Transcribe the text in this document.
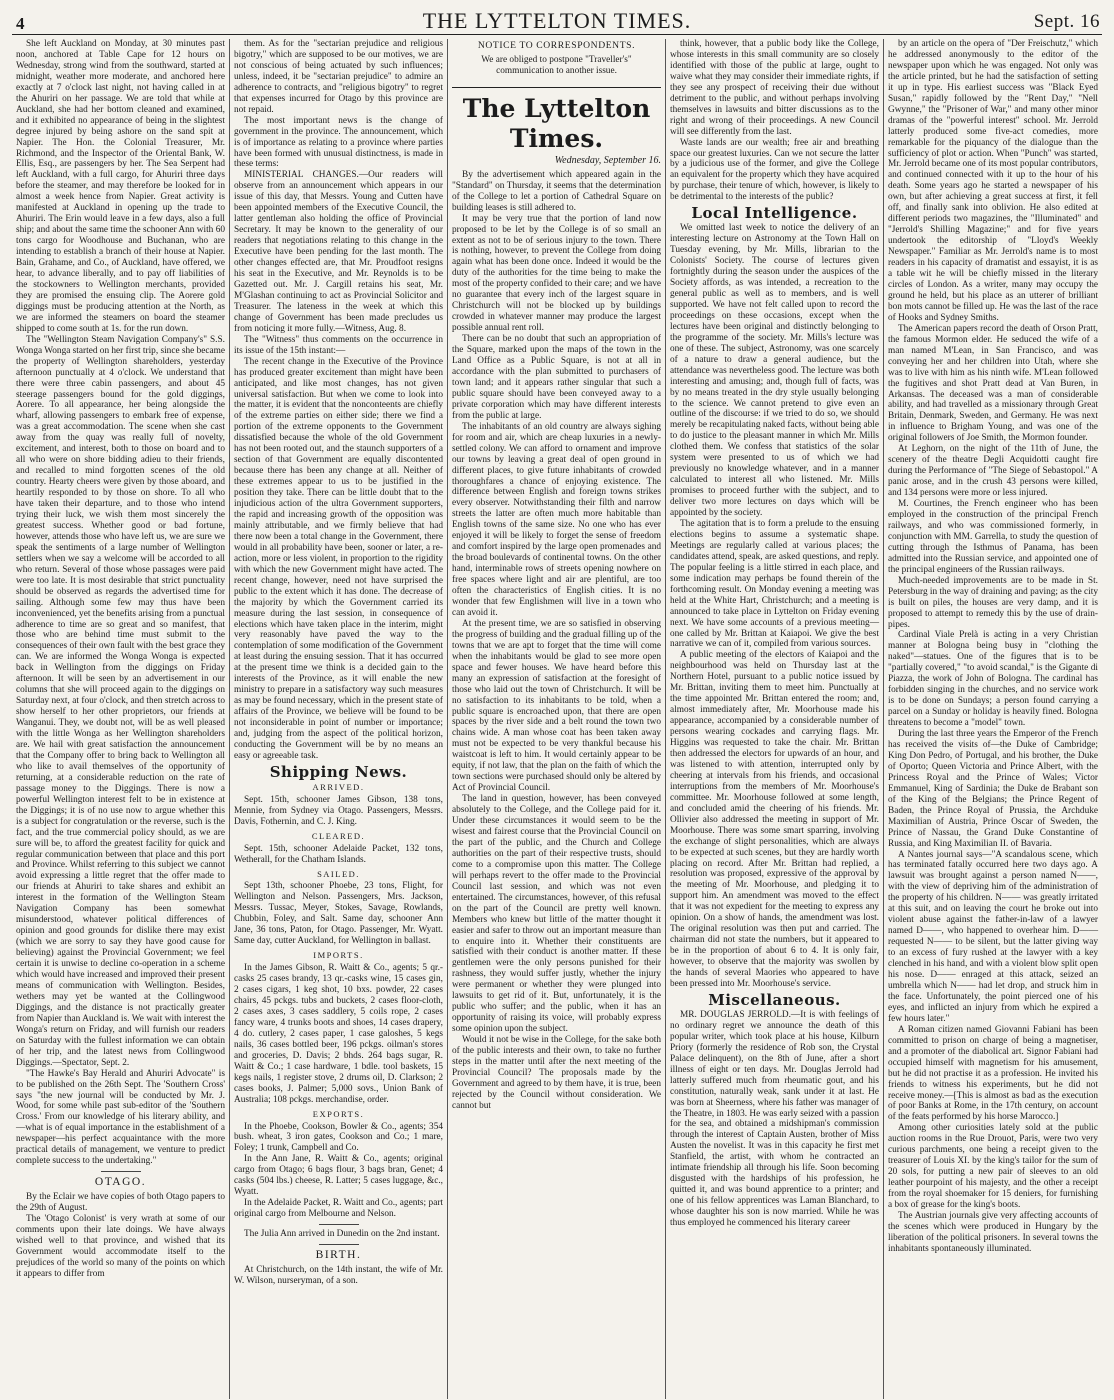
4	THE LYTTELTON TIMES.	Sept. 16

She left Auckland on Monday, at 30 minutes past noon, anchored at Table Cape for 12 hours on Wednesday, strong wind from the southward, started at midnight, weather more moderate, and anchored here exactly at 7 o'clock last night, not having called in at the Ahuriri on her passage. We are told that while at Auckland, she had her bottom cleaned and examined, and it exhibited no appearance of being in the slightest degree injured by being ashore on the sand spit at Napier. The Hon. the Colonial Treasurer, Mr. Richmond, and the Inspector of the Oriental Bank, W. Ellis, Esq., are passengers by her. The Sea Serpent had left Auckland, with a full cargo, for Ahuriri three days before the steamer, and may therefore be looked for in almost a week hence from Napier. Great activity is manifested at Auckland in opening up the trade to Ahuriri. The Erin would leave in a few days, also a full ship; and about the same time the schooner Ann with 60 tons cargo for Woodhouse and Buchanan, who are intending to establish a branch of their house at Napier. Bain, Grahame, and Co., of Auckland, have offered, we hear, to advance liberally, and to pay off liabilities of the stockowners to Wellington merchants, provided they are promised the ensuing clip. The Aorere gold diggings must be producing attention at the North, as we are informed the steamers on board the steamer shipped to come south at 1s. for the run down.

The "Wellington Steam Navigation Company's" S.S. Wonga Wonga started on her first trip, since she became the property of Wellington shareholders, yesterday afternoon punctually at 4 o'clock. We understand that there were three cabin passengers, and about 45 steerage passengers bound for the gold diggings, Aorere. To all appearance, her being alongside the wharf, allowing passengers to embark free of expense, was a great accommodation. The scene when she cast away from the quay was really full of novelty, excitement, and interest, both to those on board and to all who were on shore bidding adieu to their friends, and recalled to mind forgotten scenes of the old country. Hearty cheers were given by those aboard, and heartily responded to by those on shore. To all who have taken their departure, and to those who intend trying their luck, we wish them most sincerely the greatest success. Whether good or bad fortune, however, attends those who have left us, we are sure we speak the sentiments of a large number of Wellington settlers when we say a welcome will be accorded to all who return. Several of those whose passages were paid were too late. It is most desirable that strict punctuality should be observed as regards the advertised time for sailing. Although some few may thus have been inconvenienced, yet the benefits arising from a punctual adherence to time are so great and so manifest, that those who are behind time must submit to the consequences of their own fault with the best grace they can. We are informed the Wonga Wonga is expected back in Wellington from the diggings on Friday afternoon. It will be seen by an advertisement in our columns that she will proceed again to the diggings on Saturday next, at four o'clock, and then stretch across to show herself to her other proprietors, our friends at Wanganui. They, we doubt not, will be as well pleased with the little Wonga as her Wellington shareholders are. We hail with great satisfaction the announcement that the Company offer to bring back to Wellington all who like to avail themselves of the opportunity of returning, at a considerable reduction on the rate of passage money to the Diggings. There is now a powerful Wellington interest felt to be in existence at the Diggings; it is of no use now to argue whether this is a subject for congratulation or the reverse, such is the fact, and the true commercial policy should, as we are sure will be, to afford the greatest facility for quick and regular communication between that place and this port and Province. Whilst referring to this subject we cannot avoid expressing a little regret that the offer made to our friends at Ahuriri to take shares and exhibit an interest in the formation of the Wellington Steam Navigation Company has been somewhat misunderstood, whatever political differences of opinion and good grounds for dislike there may exist (which we are sorry to say they have good cause for believing) against the Provincial Government; we feel certain it is unwise to decline co-operation in a scheme which would have increased and improved their present means of communication with Wellington. Besides, wethers may yet be wanted at the Collingwood Diggings, and the distance is not practically greater from Napier than Auckland is. We wait with interest the Wonga's return on Friday, and will furnish our readers on Saturday with the fullest information we can obtain of her trip, and the latest news from Collingwood Diggings.—Spectator, Sept. 2.

"The Hawke's Bay Herald and Ahuriri Advocate" is to be published on the 26th Sept. The 'Southern Cross' says "the new journal will be conducted by Mr. J. Wood, for some while past sub-editor of the 'Southern Cross.' From our knowledge of his literary ability, and—what is of equal importance in the establishment of a newspaper—his perfect acquaintance with the more practical details of management, we venture to predict complete success to the undertaking."

OTAGO.

By the Eclair we have copies of both Otago papers to the 29th of August.

The 'Otago Colonist' is very wrath at some of our comments upon their late doings. We have always wished well to that province, and wished that its Government would accommodate itself to the prejudices of the world so many of the points on which it appears to differ from

them. As for the "sectarian prejudice and religious bigotry," which are supposed to be our motives, we are not conscious of being actuated by such influences; unless, indeed, it be "sectarian prejudice" to admire an adherence to contracts, and "religious bigotry" to regret that expenses incurred for Otago by this province are not repaid.

The most important news is the change of government in the province. The announcement, which is of importance as relating to a province where parties have been formed with unusual distinctness, is made in these terms:

MINISTERIAL CHANGES.—Our readers will observe from an announcement which appears in our issue of this day, that Messrs. Young and Cutten have been appointed members of the Executive Council, the latter gentleman also holding the office of Provincial Secretary. It may be known to the generality of our readers that negotiations relating to this change in the Executive have been pending for the last month. The other changes effected are, that Mr. Proudfoot resigns his seat in the Executive, and Mr. Reynolds is to be Gazetted out. Mr. J. Cargill retains his seat, Mr. M'Glashan continuing to act as Provincial Solicitor and Treasurer. The lateness in the week at which this change of Government has been made precludes us from noticing it more fully.—Witness, Aug. 8.

The "Witness" thus comments on the occurrence in its issue of the 15th instant:—

The recent change in the Executive of the Province has produced greater excitement than might have been anticipated, and like most changes, has not given universal satisfaction. But when we come to look into the matter, it is evident that the nonconteents are chiefly of the extreme parties on either side; there we find a portion of the extreme opponents to the Government dissatisfied because the whole of the old Government has not been rooted out, and the staunch supporters of a section of that Government are equally discontented because there has been any change at all. Neither of these extremes appear to us to be justified in the position they take. There can be little doubt that to the injudicious action of the ultra Government supporters, the rapid and increasing growth of the opposition was mainly attributable, and we firmly believe that had there now been a total change in the Government, there would in all probability have been, sooner or later, a re-action, more or less violent, in proportion to the rigidity with which the new Government might have acted. The recent change, however, need not have surprised the public to the extent which it has done. The decrease of the majority by which the Government carried its measure during the last session, in consequence of elections which have taken place in the interim, might very reasonably have paved the way to the contemplation of some modification of the Government at least during the ensuing session. That it has occurred at the present time we think is a decided gain to the interests of the Province, as it will enable the new ministry to prepare in a satisfactory way such measures as may be found necessary, which in the present state of affairs of the Province, we believe will be found to be not inconsiderable in point of number or importance; and, judging from the aspect of the political horizon, conducting the Government will be by no means an easy or agreeable task.

Shipping News.
ARRIVED.

Sept. 15th, schooner James Gibson, 138 tons, Mennie, from Sydney via Otago. Passengers, Messrs. Davis, Fothernin, and C. J. King.

CLEARED.

Sept. 15th, schooner Adelaide Packet, 132 tons, Wetherall, for the Chatham Islands.

SAILED.

Sept 13th, schooner Phoebe, 23 tons, Flight, for Wellington and Nelson. Passengers, Mrs. Jackson, Messrs. Tussac, Meyer, Stokes, Savage, Rowlands, Chubbin, Foley, and Salt. Same day, schooner Ann Jane, 36 tons, Paton, for Otago. Passenger, Mr. Wyatt. Same day, cutter Auckland, for Wellington in ballast.

IMPORTS.

In the James Gibson, R. Waitt & Co., agents; 5 qr.-casks 25 cases brandy, 13 qr.-casks wine, 15 cases gin, 2 cases cigars, 1 keg shot, 10 bxs. powder, 22 cases chairs, 45 pckgs. tubs and buckets, 2 cases floor-cloth, 2 cases axes, 3 cases saddlery, 5 coils rope, 2 cases fancy ware, 4 trunks boots and shoes, 14 cases drapery, 4 do. cutlery, 2 cases paper, 1 case galoshes, 5 kegs nails, 36 cases bottled beer, 196 pckgs. oilman's stores and groceries, D. Davis; 2 bhds. 264 bags sugar, R. Waitt & Co.; 1 case hardware, 1 bdle. tool baskets, 15 kegs nails, 1 register stove, 2 drums oil, D. Clarkson; 2 cases books, J. Palmer; 5,000 sovs., Union Bank of Australia; 108 pckgs. merchandise, order.

EXPORTS.

In the Phoebe, Cookson, Bowler & Co., agents; 354 bush. wheat, 3 iron gates, Cookson and Co.; 1 mare, Foley; 1 trunk, Campbell and Co.

In the Ann Jane, R. Waitt & Co., agents; original cargo from Otago; 6 bags flour, 3 bags bran, Genet; 4 casks (504 lbs.) cheese, R. Latter; 5 cases luggage, &c., Wyatt.

In the Adelaide Packet, R. Waitt and Co., agents; part original cargo from Melbourne and Nelson.

The Julia Ann arrived in Dunedin on the 2nd instant.

BIRTH.

At Christchurch, on the 14th instant, the wife of Mr. W. Wilson, nurseryman, of a son.

NOTICE TO CORRESPONDENTS.

We are obliged to postpone "Traveller's" communication to another issue.

The Lyttelton Times.
Wednesday, September 16.

By the advertisement which appeared again in the "Standard" on Thursday, it seems that the determination of the College to let a portion of Cathedral Square on building leases is still adhered to.

It may be very true that the portion of land now proposed to be let by the College is of so small an extent as not to be of serious injury to the town. There is nothing, however, to prevent the College from doing again what has been done once. Indeed it would be the duty of the authorities for the time being to make the most of the property confided to their care; and we have no guarantee that every inch of the largest square in Christchurch will not be blocked up by buildings crowded in whatever manner may produce the largest possible annual rent roll.

There can be no doubt that such an appropriation of the Square, marked upon the maps of the town in the Land Office as a Public Square, is not at all in accordance with the plan submitted to purchasers of town land; and it appears rather singular that such a public square should have been conveyed away to a private corporation which may have different interests from the public at large.

The inhabitants of an old country are always sighing for room and air, which are cheap luxuries in a newly-settled colony. We can afford to ornament and improve our towns by leaving a great deal of open ground in different places, to give future inhabitants of crowded thoroughfares a chance of enjoying existence. The difference between English and foreign towns strikes every observer. Notwithstanding their filth and narrow streets the latter are often much more habitable than English towns of the same size. No one who has ever enjoyed it will be likely to forget the sense of freedom and comfort inspired by the large open promenades and the broad boulevards of continental towns. On the other hand, interminable rows of streets opening nowhere on free spaces where light and air are plentiful, are too often the characteristics of English cities. It is no wonder that few Englishmen will live in a town who can avoid it.

At the present time, we are so satisfied in observing the progress of building and the gradual filling up of the towns that we are apt to forget that the time will come when the inhabitants would be glad to see more open space and fewer houses. We have heard before this many an expression of satisfaction at the foresight of those who laid out the town of Christchurch. It will be no satisfaction to its inhabitants to be told, when a public square is encroached upon, that there are open spaces by the river side and a belt round the town two chains wide. A man whose coat has been taken away must not be expected to be very thankful because his waistcoat is left to him. It would certainly appear to be equity, if not law, that the plan on the faith of which the town sections were purchased should only be altered by Act of Provincial Council.

The land in question, however, has been conveyed absolutely to the College, and the College paid for it. Under these circumstances it would seem to be the wisest and fairest course that the Provincial Council on the part of the public, and the Church and College authorities on the part of their respective trusts, should come to a compromise upon this matter. The College will perhaps revert to the offer made to the Provincial Council last session, and which was not even entertained. The circumstances, however, of this refusal on the part of the Council are pretty well known. Members who knew but little of the matter thought it easier and safer to throw out an important measure than to enquire into it. Whether their constituents are satisfied with their conduct is another matter. If these gentlemen were the only persons punished for their rashness, they would suffer justly, whether the injury were permanent or whether they were plunged into lawsuits to get rid of it. But, unfortunately, it is the public who suffer; and the public, when it has an opportunity of raising its voice, will probably express some opinion upon the subject.

Would it not be wise in the College, for the sake both of the public interests and their own, to take no further steps in the matter until after the next meeting of the Provincial Council? The proposals made by the Government and agreed to by them have, it is true, been rejected by the Council without consideration. We cannot but

think, however, that a public body like the College, whose interests in this small community are so closely identified with those of the public at large, ought to waive what they may consider their immediate rights, if they see any prospect of receiving their due without detriment to the public, and without perhaps involving themselves in lawsuits and bitter discussions as to the right and wrong of their proceedings. A new Council will see differently from the last.

Waste lands are our wealth; free air and breathing space our greatest luxuries. Can we not secure the latter by a judicious use of the former, and give the College an equivalent for the property which they have acquired by purchase, their tenure of which, however, is likely to be detrimental to the interests of the public?

Local Intelligence.

We omitted last week to notice the delivery of an interesting lecture on Astronomy at the Town Hall on Tuesday evening, by Mr. Mills, librarian to the Colonists' Society. The course of lectures given fortnightly during the season under the auspices of the Society affords, as was intended, a recreation to the general public as well as to members, and is well supported. We have not felt called upon to record the proceedings on these occasions, except when the lectures have been original and distinctly belonging to the programme of the society. Mr. Mills's lecture was one of these. The subject, Astronomy, was one scarcely of a nature to draw a general audience, but the attendance was nevertheless good. The lecture was both interesting and amusing; and, though full of facts, was by no means treated in the dry style usually belonging to the science. We cannot pretend to give even an outline of the discourse: if we tried to do so, we should merely be recapitulating naked facts, without being able to do justice to the pleasant manner in which Mr. Mills clothed them. We confess that statistics of the solar system were presented to us of which we had previously no knowledge whatever, and in a manner calculated to interest all who listened. Mr. Mills promises to proceed further with the subject, and to deliver two more lectures on days which will be appointed by the society.

The agitation that is to form a prelude to the ensuing elections begins to assume a systematic shape. Meetings are regularly called at various places; the candidates attend, speak, are asked questions, and reply. The popular feeling is a little stirred in each place, and some indication may perhaps be found therein of the forthcoming result. On Monday evening a meeting was held at the White Hart, Christchurch; and a meeting is announced to take place in Lyttelton on Friday evening next. We have some accounts of a previous meeting—one called by Mr. Brittan at Kaiapoi. We give the best narrative we can of it, compiled from various sources.

A public meeting of the electors of Kaiapoi and the neighbourhood was held on Thursday last at the Northern Hotel, pursuant to a public notice issued by Mr. Brittan, inviting them to meet him. Punctually at the time appointed Mr. Brittan entered the room; and, almost immediately after, Mr. Moorhouse made his appearance, accompanied by a considerable number of persons wearing cockades and carrying flags. Mr. Higgins was requested to take the chair. Mr. Brittan then addressed the electors for upwards of an hour, and was listened to with attention, interrupted only by cheering at intervals from his friends, and occasional interruptions from the members of Mr. Moorhouse's committee. Mr. Moorhouse followed at some length, and concluded amid the cheering of his friends. Mr. Ollivier also addressed the meeting in support of Mr. Moorhouse. There was some smart sparring, involving the exchange of slight personalities, which are always to be expected at such scenes, but they are hardly worth placing on record. After Mr. Brittan had replied, a resolution was proposed, expressive of the approval by the meeting of Mr. Moorhouse, and pledging it to support him. An amendment was moved to the effect that it was not expedient for the meeting to express any opinion. On a show of hands, the amendment was lost. The original resolution was then put and carried. The chairman did not state the numbers, but it appeared to be in the proportion of about 6 to 4. It is only fair, however, to observe that the majority was swollen by the hands of several Maories who appeared to have been pressed into Mr. Moorhouse's service.

Miscellaneous.

MR. DOUGLAS JERROLD.—It is with feelings of no ordinary regret we announce the death of this popular writer, which took place at his house, Kilburn Priory (formerly the residence of Rob son, the Crystal Palace delinquent), on the 8th of June, after a short illness of eight or ten days. Mr. Douglas Jerrold had latterly suffered much from rheumatic gout, and his constitution, naturally weak, sank under it at last. He was born at Sheerness, where his father was manager of the Theatre, in 1803. He was early seized with a passion for the sea, and obtained a midshipman's commission through the interest of Captain Austen, brother of Miss Austen the novelist. It was in this capacity he first met Stanfield, the artist, with whom he contracted an intimate friendship all through his life. Soon becoming disgusted with the hardships of his profession, he quitted it, and was bound apprentice to a printer; and one of his fellow apprentices was Laman Blanchard, to whose daughter his son is now married. While he was thus employed he commenced his literary career

by an article on the opera of "Der Freischutz," which he addressed anonymously to the editor of the newspaper upon which he was engaged. Not only was the article printed, but he had the satisfaction of setting it up in type. His earliest success was "Black Eyed Susan," rapidly followed by the "Rent Day," "Nell Gwynne," the "Prisoner of War," and many other minor dramas of the "powerful interest" school. Mr. Jerrold latterly produced some five-act comedies, more remarkable for the piquancy of the dialogue than the sufficiency of plot or action. When "Punch" was started, Mr. Jerrold became one of its most popular contributors, and continued connected with it up to the hour of his death. Some years ago he started a newspaper of his own, but after achieving a great success at first, it fell off, and finally sank into oblivion. He also edited at different periods two magazines, the "Illuminated" and "Jerrold's Shilling Magazine;" and for five years undertook the editorship of "Lloyd's Weekly Newspaper." Familiar as Mr. Jerrold's name is to most readers in his capacity of dramatist and essayist, it is as a table wit he will be chiefly missed in the literary circles of London. As a writer, many may occupy the ground he held, but his place as an utterer of brilliant bon mots cannot be filled up. He was the last of the race of Hooks and Sydney Smiths.

The American papers record the death of Orson Pratt, the famous Mormon elder. He seduced the wife of a man named M'Lean, in San Francisco, and was conveying her and her children into Utah, where she was to live with him as his ninth wife. M'Lean followed the fugitives and shot Pratt dead at Van Buren, in Arkansas. The deceased was a man of considerable ability, and had travelled as a missionary through Great Britain, Denmark, Sweden, and Germany. He was next in influence to Brigham Young, and was one of the original followers of Joe Smith, the Mormon founder.

At Leghorn, on the night of the 11th of June, the scenery of the theatre Degli Acquidotti caught fire during the Performance of "The Siege of Sebastopol." A panic arose, and in the crush 43 persons were killed, and 134 persons were more or less injured.

M. Courtines, the French engineer who has been employed in the construction of the principal French railways, and who was commissioned formerly, in conjunction with MM. Garrella, to study the question of cutting through the Isthmus of Panama, has been admitted into the Russian service, and appointed one of the principal engineers of the Russian railways.

Much-needed improvements are to be made in St. Petersburg in the way of draining and paving; as the city is built on piles, the houses are very damp, and it is proposed to attempt to remedy this by the use of drain-pipes.

Cardinal Viale Prelà is acting in a very Christian manner at Bologna being busy in "clothing the naked"—statues. One of the figures that is to be "partially covered," "to avoid scandal," is the Gigante di Piazza, the work of John of Bologna. The cardinal has forbidden singing in the churches, and no service work is to be done on Sundays; a person found carrying a parcel on a Sunday or holiday is heavily fined. Bologna threatens to become a "model" town.

During the last three years the Emperor of the French has received the visits of—the Duke of Cambridge; King Don Pedro, of Portugal, and his brother, the Duke of Oporto; Queen Victoria and Prince Albert, with the Princess Royal and the Prince of Wales; Victor Emmanuel, King of Sardinia; the Duke de Brabant son of the King of the Belgians; the Prince Regent of Baden, the Prince Royal of Prussia, the Archduke Maximilian of Austria, Prince Oscar of Sweden, the Prince of Nassau, the Grand Duke Constantine of Russia, and King Maximilian II. of Bavaria.

A Nantes journal says—"A scandalous scene, which has terminated fatally occurred here two days ago. A lawsuit was brought against a person named N——, with the view of depriving him of the administration of the property of his children. N—— was greatly irritated at this suit, and on leaving the court he broke out into violent abuse against the father-in-law of a lawyer named D——, who happened to overhear him. D—— requested N—— to be silent, but the latter giving way to an excess of fury rushed at the lawyer with a key clenched in his hand, and with a violent blow split open his nose. D—— enraged at this attack, seized an umbrella which N—— had let drop, and struck him in the face. Unfortunately, the point pierced one of his eyes, and inflicted an injury from which he expired a few hours later."

A Roman citizen named Giovanni Fabiani has been committed to prison on charge of being a magnetiser, and a promoter of the diabolical art. Signor Fabiani had occupied himself with magnetism for his amusement, but he did not practise it as a profession. He invited his friends to witness his experiments, but he did not receive money.—[This is almost as bad as the execution of poor Banks at Rome, in the 17th century, on account of the feats performed by his horse Marocco.]

Among other curiosities lately sold at the public auction rooms in the Rue Drouot, Paris, were two very curious parchments, one being a receipt given to the treasurer of Louis XI. by the king's tailor for the sum of 20 sols, for putting a new pair of sleeves to an old leather pourpoint of his majesty, and the other a receipt from the royal shoemaker for 15 deniers, for furnishing a box of grease for the king's boots.

The Austrian journals give very affecting accounts of the scenes which were produced in Hungary by the liberation of the political prisoners. In several towns the inhabitants spontaneously illuminated.
